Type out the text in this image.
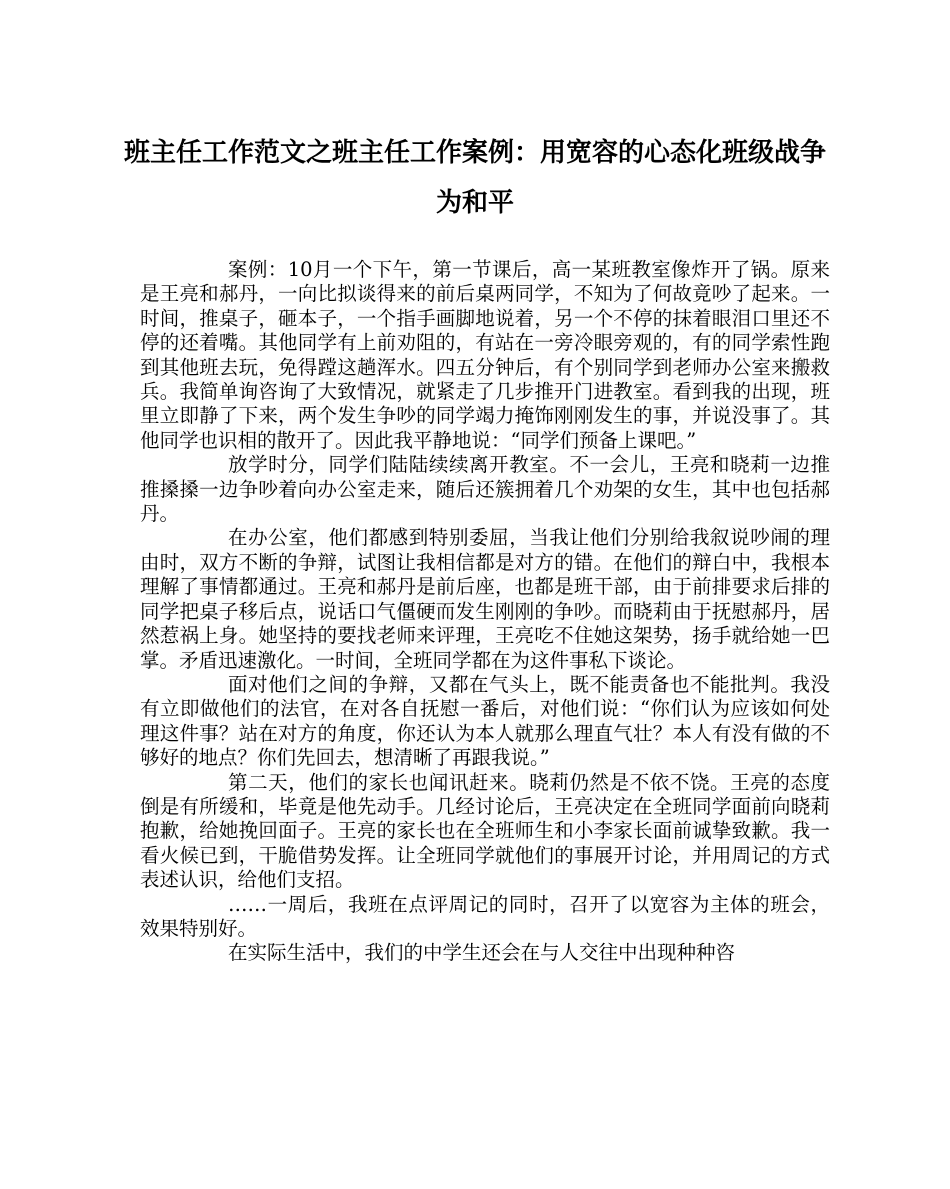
班主任工作范文之班主任工作案例：用宽容的心态化班级战争为和平

案例：10月一个下午，第一节课后，高一某班教室像炸开了锅。原来是王亮和郝丹，一向比拟谈得来的前后桌两同学，不知为了何故竟吵了起来。一时间，推桌子，砸本子，一个指手画脚地说着，另一个不停的抹着眼泪口里还不停的还着嘴。其他同学有上前劝阻的，有站在一旁冷眼旁观的，有的同学索性跑到其他班去玩，免得蹚这趟浑水。四五分钟后，有个别同学到老师办公室来搬救兵。我简单询咨询了大致情况，就紧走了几步推开门进教室。看到我的出现，班里立即静了下来，两个发生争吵的同学竭力掩饰刚刚发生的事，并说没事了。其他同学也识相的散开了。因此我平静地说：“同学们预备上课吧。”

放学时分，同学们陆陆续续离开教室。不一会儿，王亮和晓莉一边推推搡搡一边争吵着向办公室走来，随后还簇拥着几个劝架的女生，其中也包括郝丹。

在办公室，他们都感到特别委屈，当我让他们分别给我叙说吵闹的理由时，双方不断的争辩，试图让我相信都是对方的错。在他们的辩白中，我根本理解了事情都通过。王亮和郝丹是前后座，也都是班干部，由于前排要求后排的同学把桌子移后点，说话口气僵硬而发生刚刚的争吵。而晓莉由于抚慰郝丹，居然惹祸上身。她坚持的要找老师来评理，王亮吃不住她这架势，扬手就给她一巴掌。矛盾迅速激化。一时间，全班同学都在为这件事私下谈论。

面对他们之间的争辩，又都在气头上，既不能责备也不能批判。我没有立即做他们的法官，在对各自抚慰一番后，对他们说：“你们认为应该如何处理这件事？站在对方的角度，你还认为本人就那么理直气壮？本人有没有做的不够好的地点？你们先回去，想清晰了再跟我说。”

第二天，他们的家长也闻讯赶来。晓莉仍然是不依不饶。王亮的态度倒是有所缓和，毕竟是他先动手。几经讨论后，王亮决定在全班同学面前向晓莉抱歉，给她挽回面子。王亮的家长也在全班师生和小李家长面前诚挚致歉。我一看火候已到，干脆借势发挥。让全班同学就他们的事展开讨论，并用周记的方式表述认识，给他们支招。

……一周后，我班在点评周记的同时，召开了以宽容为主体的班会，效果特别好。

在实际生活中，我们的中学生还会在与人交往中出现种种咨
